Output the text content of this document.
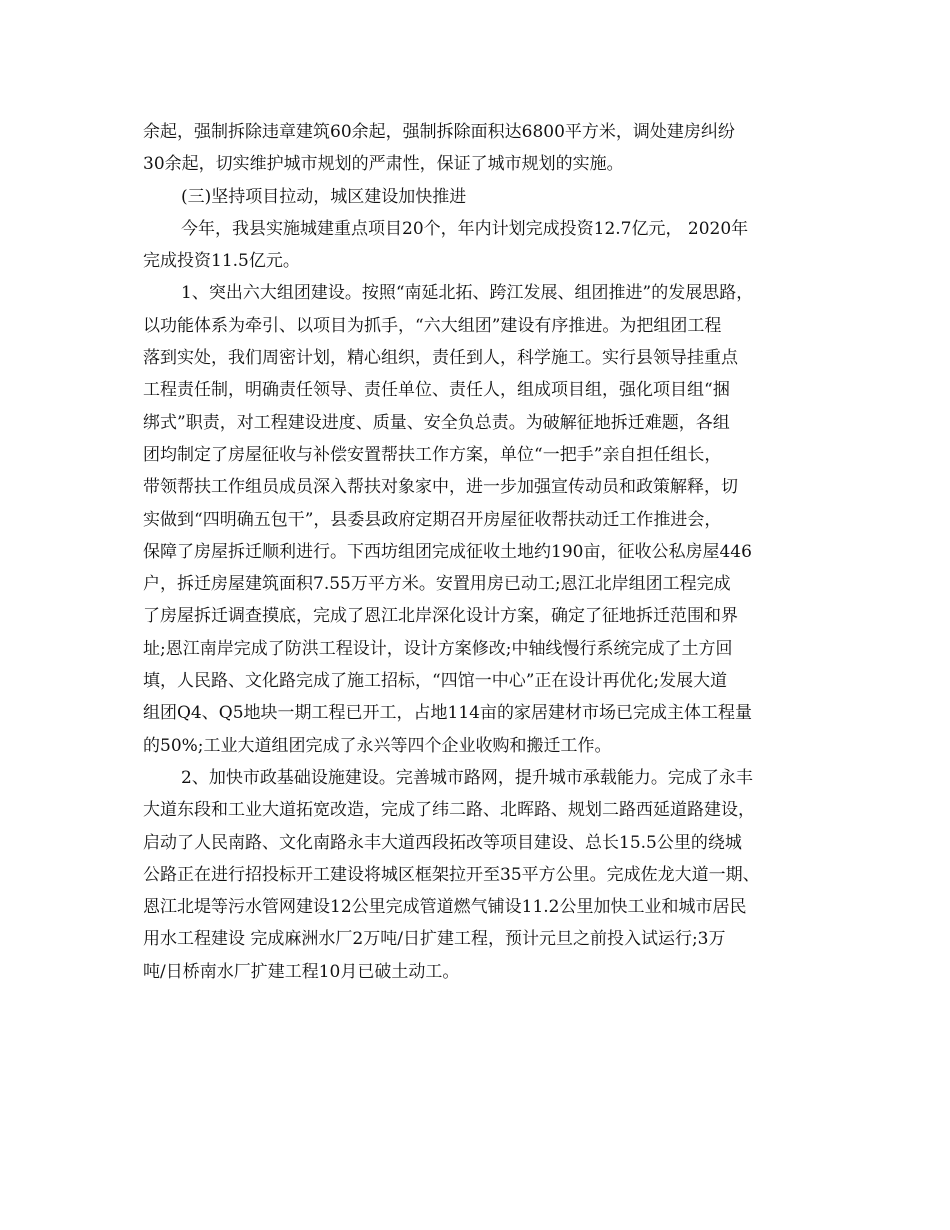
余起，强制拆除违章建筑60余起，强制拆除面积达6800平方米，调处建房纠纷
30余起，切实维护城市规划的严肃性，保证了城市规划的实施。
(三)坚持项目拉动，城区建设加快推进
今年，我县实施城建重点项目20个，年内计划完成投资12.7亿元， 2020年
完成投资11.5亿元。
1、突出六大组团建设。按照“南延北拓、跨江发展、组团推进”的发展思路，
以功能体系为牵引、以项目为抓手，“六大组团”建设有序推进。为把组团工程
落到实处，我们周密计划，精心组织，责任到人，科学施工。实行县领导挂重点
工程责任制，明确责任领导、责任单位、责任人，组成项目组，强化项目组“捆
绑式”职责，对工程建设进度、质量、安全负总责。为破解征地拆迁难题，各组
团均制定了房屋征收与补偿安置帮扶工作方案，单位“一把手”亲自担任组长，
带领帮扶工作组员成员深入帮扶对象家中，进一步加强宣传动员和政策解释，切
实做到“四明确五包干”，县委县政府定期召开房屋征收帮扶动迁工作推进会，
保障了房屋拆迁顺利进行。下西坊组团完成征收土地约190亩，征收公私房屋446
户，拆迁房屋建筑面积7.55万平方米。安置用房已动工;恩江北岸组团工程完成
了房屋拆迁调查摸底，完成了恩江北岸深化设计方案，确定了征地拆迁范围和界
址;恩江南岸完成了防洪工程设计，设计方案修改;中轴线慢行系统完成了土方回
填，人民路、文化路完成了施工招标，“四馆一中心”正在设计再优化;发展大道
组团Q4、Q5地块一期工程已开工，占地114亩的家居建材市场已完成主体工程量
的50%;工业大道组团完成了永兴等四个企业收购和搬迁工作。
2、加快市政基础设施建设。完善城市路网，提升城市承载能力。完成了永丰
大道东段和工业大道拓宽改造，完成了纬二路、北晖路、规划二路西延道路建设，
启动了人民南路、文化南路永丰大道西段拓改等项目建设、总长15.5公里的绕城
公路正在进行招投标开工建设将城区框架拉开至35平方公里。完成佐龙大道一期、
恩江北堤等污水管网建设12公里完成管道燃气铺设11.2公里加快工业和城市居民
用水工程建设 完成麻洲水厂2万吨/日扩建工程，预计元旦之前投入试运行;3万
吨/日桥南水厂扩建工程10月已破土动工。
